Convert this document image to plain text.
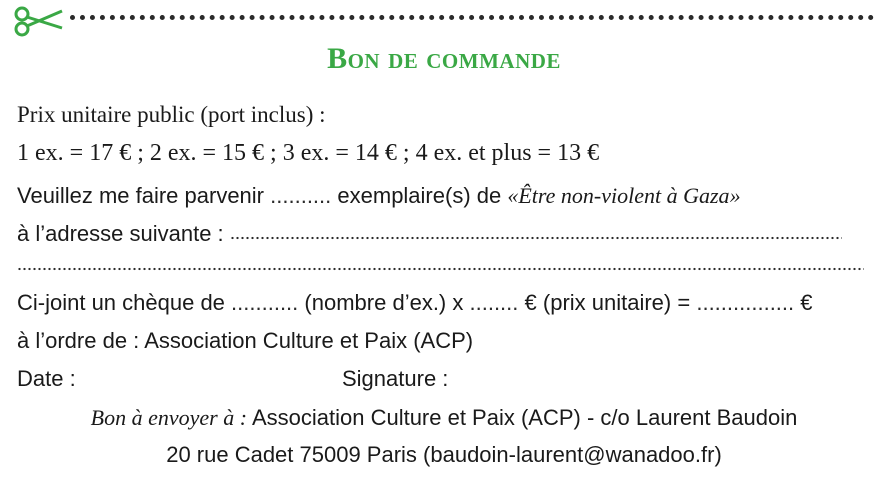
Bon de commande
Prix unitaire public (port inclus) :
1 ex. = 17 € ; 2 ex. = 15 € ; 3 ex. = 14 € ; 4 ex. et plus = 13 €
Veuillez me faire parvenir .......... exemplaire(s) de «Être non-violent à Gaza»
à l’adresse suivante :
Ci-joint un chèque de ........... (nombre d’ex.) x ........ € (prix unitaire) = ................ €
à l’ordre de : Association Culture et Paix (ACP)
Date :	Signature :
Bon à envoyer à : Association Culture et Paix (ACP) - c/o Laurent Baudoin
20 rue Cadet 75009 Paris (baudoin-laurent@wanadoo.fr)
